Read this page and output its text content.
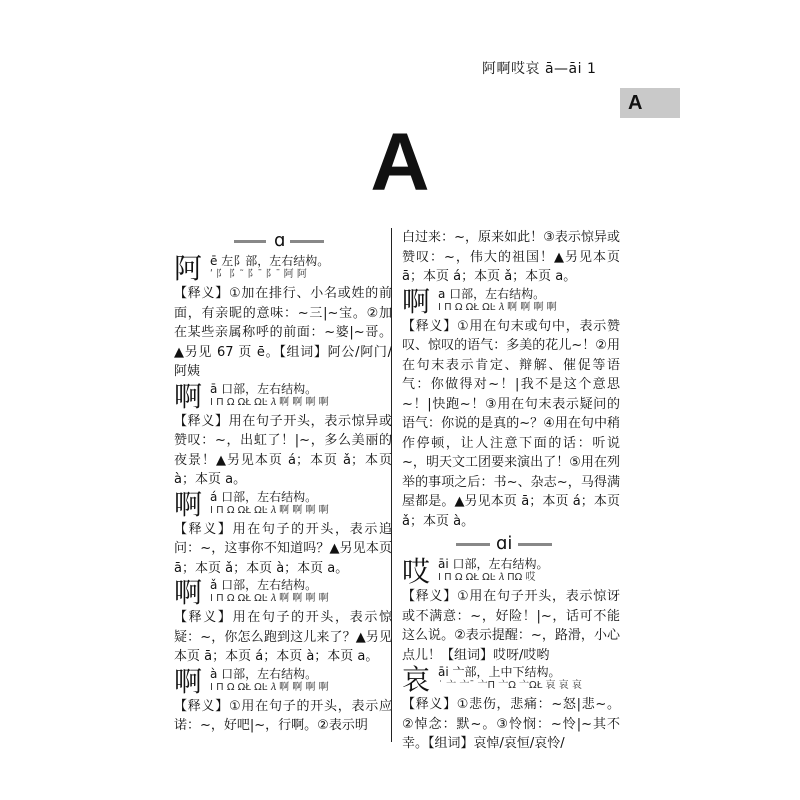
阿啊哎哀 ā—āi 1
A
A
ɑ
阿 ē 左阝部，左右结构。
ʹ 阝 阝˜ 阝ˉ 阝ˉ 阿 阿

【释义】①加在排行、小名或姓的前面，有亲昵的意味：~三|~宝。②加在某些亲属称呼的前面：~婆|~哥。▲另见 67 页 ē。【组词】阿公/阿门/阿姨

啊 ā 口部，左右结构。
I Π Ω ΩŁ ΩĿ 𝜆 啊 啊 啊 啊

【释义】用在句子开头，表示惊异或赞叹：~，出虹了！|~，多么美丽的夜景！▲另见本页 á；本页 ǎ；本页 à；本页 a。

啊 á 口部，左右结构。
I Π Ω ΩŁ ΩĿ 𝜆 啊 啊 啊 啊

【释义】用在句子的开头，表示追问：~，这事你不知道吗？▲另见本页 ā；本页 ǎ；本页 à；本页 a。

啊 ǎ 口部，左右结构。
I Π Ω ΩŁ ΩĿ 𝜆 啊 啊 啊 啊

【释义】用在句子的开头，表示惊疑：~，你怎么跑到这儿来了？▲另见本页 ā；本页 á；本页 à；本页 a。

啊 à 口部，左右结构。
I Π Ω ΩŁ ΩĿ 𝜆 啊 啊 啊 啊

【释义】①用在句子的开头，表示应诺：~，好吧|~，行啊。②表示明

白过来：~，原来如此！③表示惊异或赞叹：~，伟大的祖国！▲另见本页 ā；本页 á；本页 ǎ；本页 a。

啊 a 口部，左右结构。
I Π Ω ΩŁ ΩĿ 𝜆 啊 啊 啊 啊

【释义】①用在句末或句中，表示赞叹、惊叹的语气：多美的花儿~！②用在句末表示肯定、辩解、催促等语气：你做得对~！|我不是这个意思~！|快跑~！③用在句末表示疑问的语气：你说的是真的~？④用在句中稍作停顿，让人注意下面的话：听说~，明天文工团要来演出了！⑤用在列举的事项之后：书~、杂志~，马得满屋都是。▲另见本页 ā；本页 á；本页 ǎ；本页 à。

ɑi
哎 āi 口部，左右结构。
I Π Ω ΩŁ ΩĿ 𝜆 ΠΩ 哎

【释义】①用在句子开头，表示惊讶或不满意：~，好险！|~，话可不能这么说。②表示提醒：~，路滑，小心点儿！【组词】哎呀/哎哟

哀 āi 亠部，上中下结构。
˙ 亠 亠ˉ 亠Π 亠Ω 亠ΩŁ 哀 哀 哀

【释义】①悲伤，悲痛：~怒|悲~。②悼念：默~。③怜悯：~怜|~其不幸。【组词】哀悼/哀恒/哀怜/
